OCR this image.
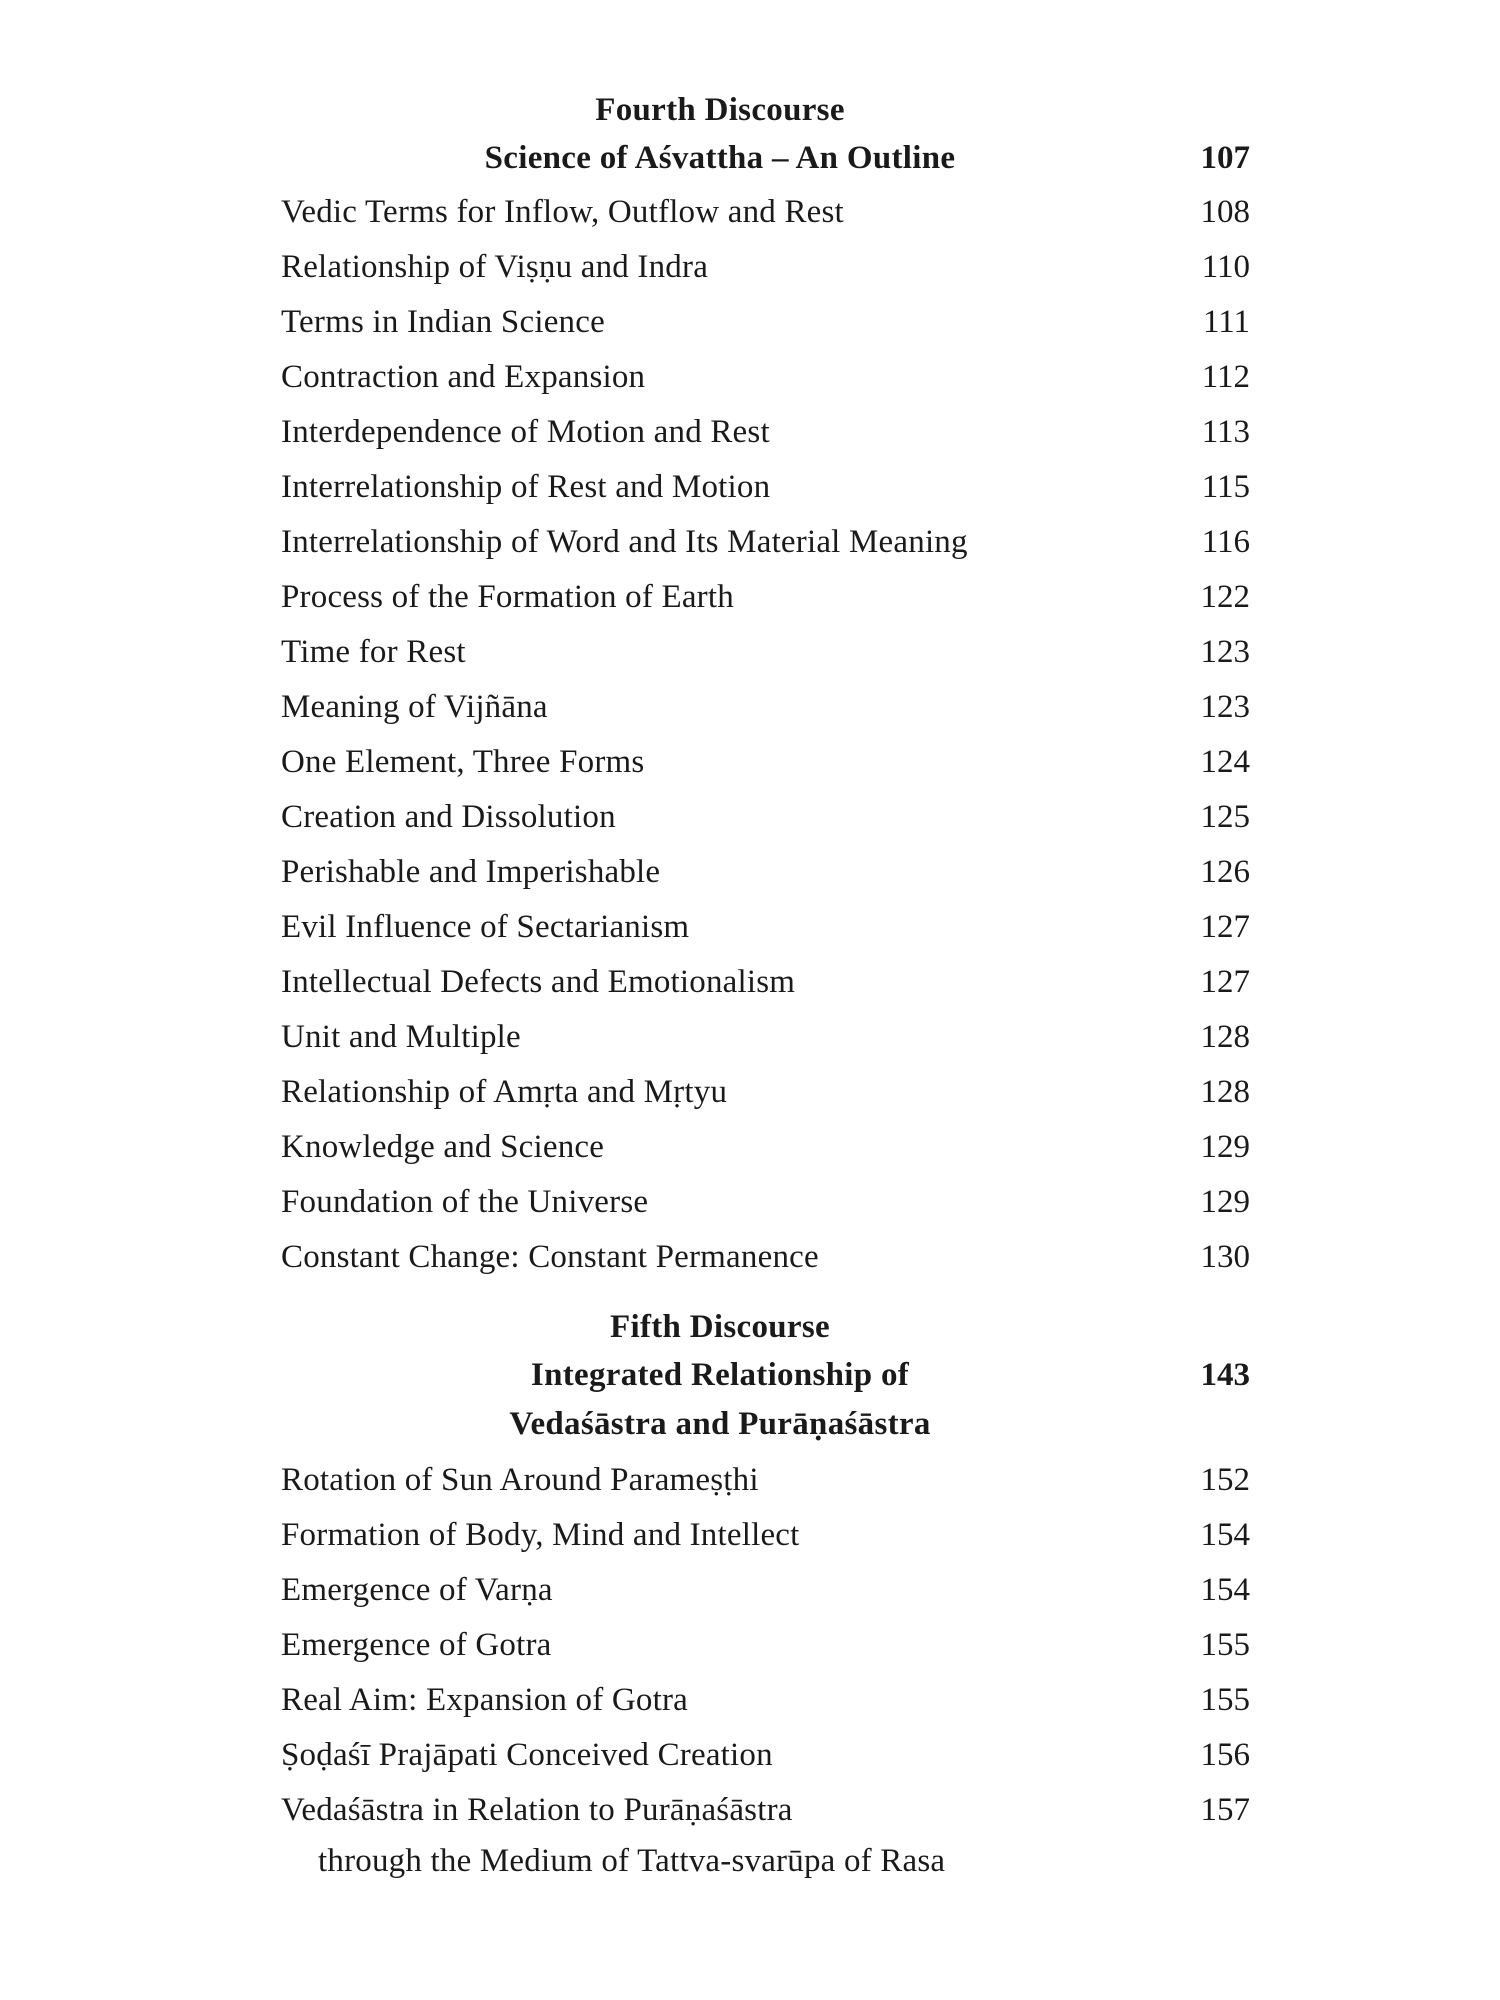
Fourth Discourse
Science of Aśvattha – An Outline	107
Vedic Terms for Inflow, Outflow and Rest	108
Relationship of Viṣṇu and Indra	110
Terms in Indian Science	111
Contraction and Expansion	112
Interdependence of Motion and Rest	113
Interrelationship of Rest and Motion	115
Interrelationship of Word and Its Material Meaning	116
Process of the Formation of Earth	122
Time for Rest	123
Meaning of Vijñāna	123
One Element, Three Forms	124
Creation and Dissolution	125
Perishable and Imperishable	126
Evil Influence of Sectarianism	127
Intellectual Defects and Emotionalism	127
Unit and Multiple	128
Relationship of Amṛta and Mṛtyu	128
Knowledge and Science	129
Foundation of the Universe	129
Constant Change: Constant Permanence	130
Fifth Discourse
Integrated Relationship of	143
Vedaśāstra and Purāṇaśāstra
Rotation of Sun Around Parameṣṭhi	152
Formation of Body, Mind and Intellect	154
Emergence of Varṇa	154
Emergence of Gotra	155
Real Aim: Expansion of Gotra	155
Ṣoḍaśī Prajāpati Conceived Creation	156
Vedaśāstra in Relation to Purāṇaśāstra	157
through the Medium of Tattva-svarūpa of Rasa
